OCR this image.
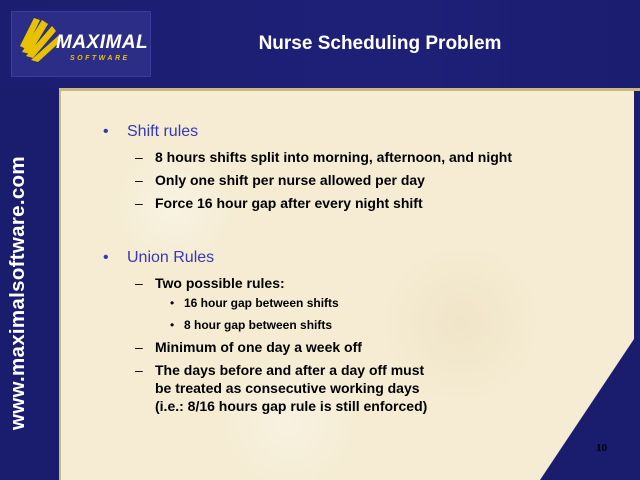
MAXIMAL
SOFTWARE
Nurse Scheduling Problem
www.maximalsoftware.com
• Shift rules
– 8 hours shifts split into morning, afternoon, and night
– Only one shift per nurse allowed per day
– Force 16 hour gap after every night shift
• Union Rules
– Two possible rules:
• 16 hour gap between shifts
• 8 hour gap between shifts
– Minimum of one day a week off
– The days before and after a day off must
be treated as consecutive working days
(i.e.: 8/16 hours gap rule is still enforced)
10
